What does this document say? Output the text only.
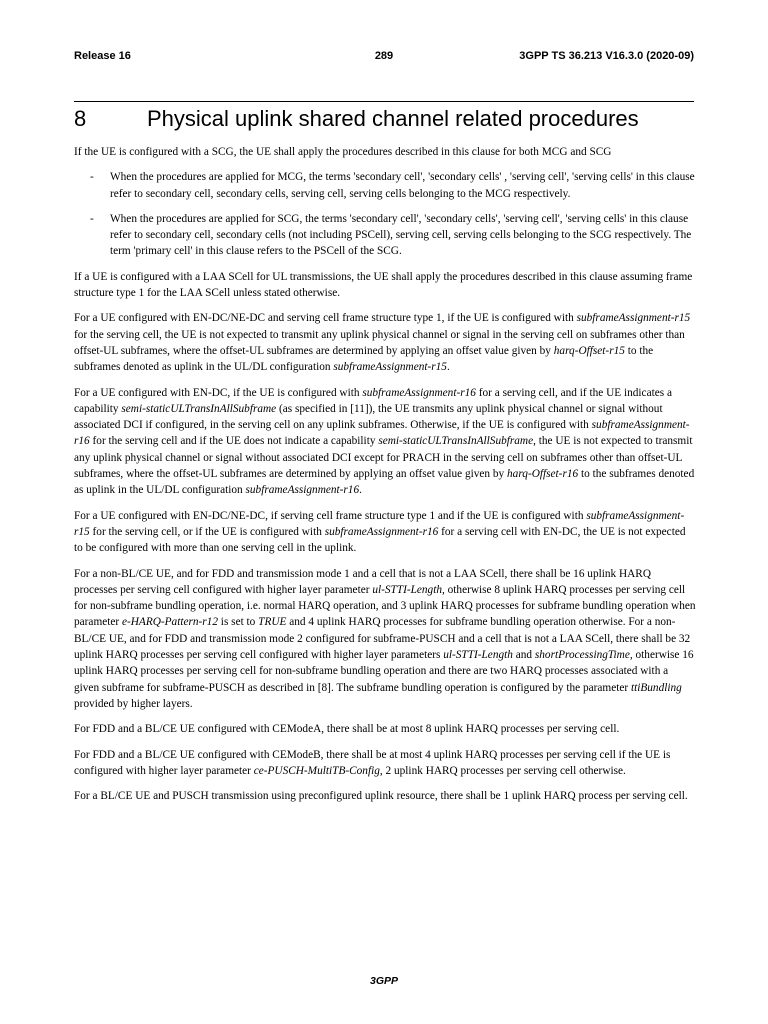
Release 16	289	3GPP TS 36.213 V16.3.0 (2020-09)
8	Physical uplink shared channel related procedures

If the UE is configured with a SCG, the UE shall apply the procedures described in this clause for both MCG and SCG

- When the procedures are applied for MCG, the terms 'secondary cell', 'secondary cells' , 'serving cell', 'serving cells' in this clause refer to secondary cell, secondary cells, serving cell, serving cells belonging to the MCG respectively.
- When the procedures are applied for SCG, the terms 'secondary cell', 'secondary cells', 'serving cell', 'serving cells' in this clause refer to secondary cell, secondary cells (not including PSCell), serving cell, serving cells belonging to the SCG respectively. The term 'primary cell' in this clause refers to the PSCell of the SCG.

If a UE is configured with a LAA SCell for UL transmissions, the UE shall apply the procedures described in this clause assuming frame structure type 1 for the LAA SCell unless stated otherwise.

For a UE configured with EN-DC/NE-DC and serving cell frame structure type 1, if the UE is configured with subframeAssignment-r15 for the serving cell, the UE is not expected to transmit any uplink physical channel or signal in the serving cell on subframes other than offset-UL subframes, where the offset-UL subframes are determined by applying an offset value given by harq-Offset-r15 to the subframes denoted as uplink in the UL/DL configuration subframeAssignment-r15.

For a UE configured with EN-DC, if the UE is configured with subframeAssignment-r16 for a serving cell, and if the UE indicates a capability semi-staticULTransInAllSubframe (as specified in [11]), the UE transmits any uplink physical channel or signal without associated DCI if configured, in the serving cell on any uplink subframes. Otherwise, if the UE is configured with subframeAssignment-r16 for the serving cell and if the UE does not indicate a capability semi-staticULTransInAllSubframe, the UE is not expected to transmit any uplink physical channel or signal without associated DCI except for PRACH in the serving cell on subframes other than offset-UL subframes, where the offset-UL subframes are determined by applying an offset value given by harq-Offset-r16 to the subframes denoted as uplink in the UL/DL configuration subframeAssignment-r16.

For a UE configured with EN-DC/NE-DC, if serving cell frame structure type 1 and if the UE is configured with subframeAssignment-r15 for the serving cell, or if the UE is configured with subframeAssignment-r16 for a serving cell with EN-DC, the UE is not expected to be configured with more than one serving cell in the uplink.

For a non-BL/CE UE, and for FDD and transmission mode 1 and a cell that is not a LAA SCell, there shall be 16 uplink HARQ processes per serving cell configured with higher layer parameter ul-STTI-Length, otherwise 8 uplink HARQ processes per serving cell for non-subframe bundling operation, i.e. normal HARQ operation, and 3 uplink HARQ processes for subframe bundling operation when parameter e-HARQ-Pattern-r12 is set to TRUE and 4 uplink HARQ processes for subframe bundling operation otherwise. For a non-BL/CE UE, and for FDD and transmission mode 2 configured for subframe-PUSCH and a cell that is not a LAA SCell, there shall be 32 uplink HARQ processes per serving cell configured with higher layer parameters ul-STTI-Length and shortProcessingTime, otherwise 16 uplink HARQ processes per serving cell for non-subframe bundling operation and there are two HARQ processes associated with a given subframe for subframe-PUSCH as described in [8]. The subframe bundling operation is configured by the parameter ttiBundling provided by higher layers.

For FDD and a BL/CE UE configured with CEModeA, there shall be at most 8 uplink HARQ processes per serving cell.

For FDD and a BL/CE UE configured with CEModeB, there shall be at most 4 uplink HARQ processes per serving cell if the UE is configured with higher layer parameter ce-PUSCH-MultiTB-Config, 2 uplink HARQ processes per serving cell otherwise.

For a BL/CE UE and PUSCH transmission using preconfigured uplink resource, there shall be 1 uplink HARQ process per serving cell.

3GPP
